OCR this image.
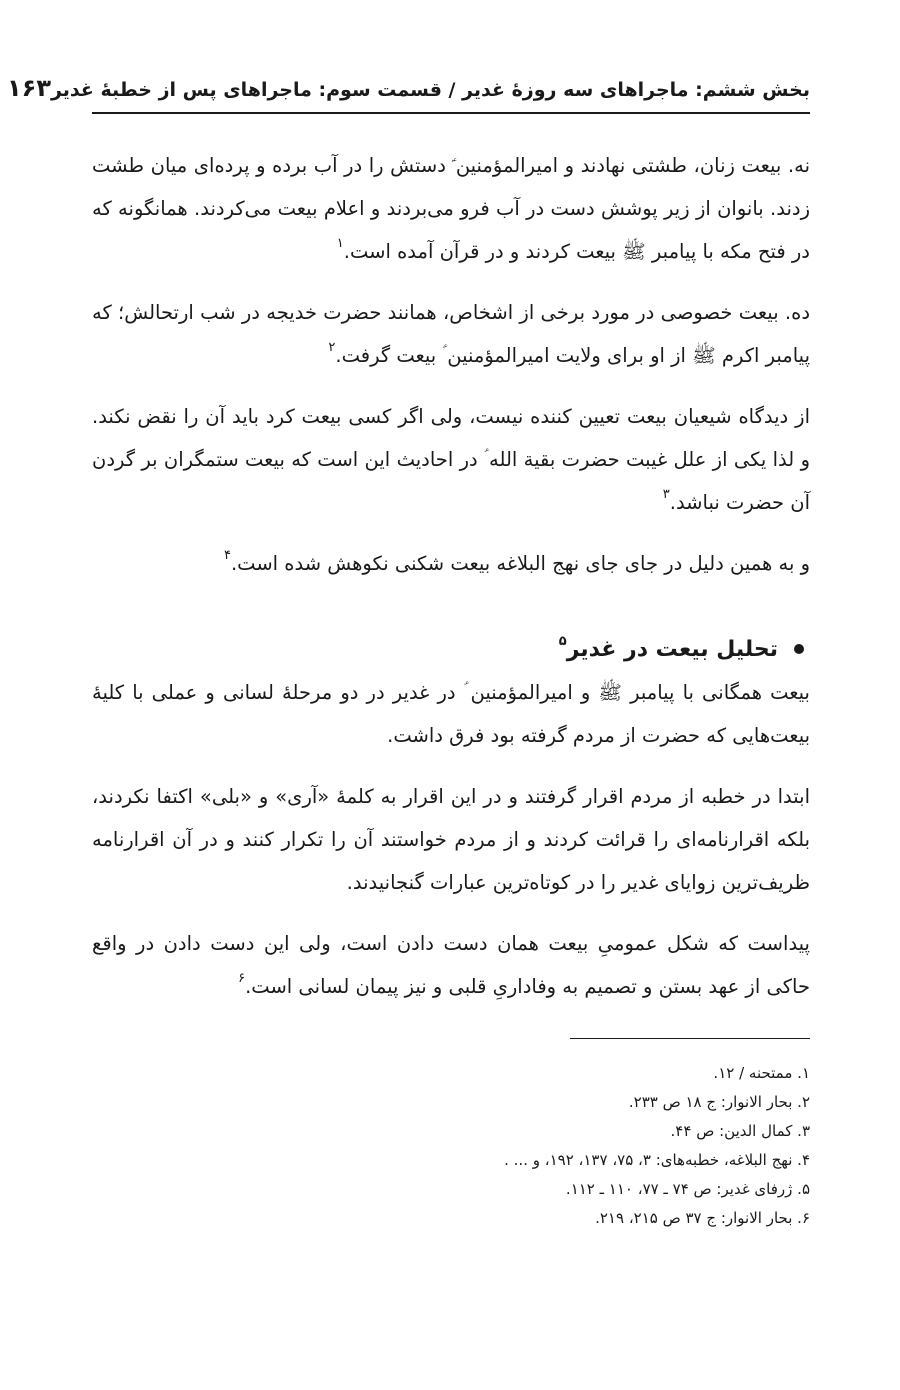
بخش ششم: ماجراهای سه روزهٔ غدیر / قسمت سوم: ماجراهای پس از خطبهٔ غدیر
۱۶۳

نه. بیعت زنان، طشتی نهادند و امیرالمؤمنین ؑ دستش را در آب برده و پرده‌ای میان طشت زدند. بانوان از زیر پوشش دست در آب فرو می‌بردند و اعلام بیعت می‌کردند. همانگونه که در فتح مکه با پیامبر ﷺ بیعت کردند و در قرآن آمده است.$^۱$

ده. بیعت خصوصی در مورد برخی از اشخاص، همانند حضرت خدیجه در شب ارتحالش؛ که پیامبر اکرم ﷺ از او برای ولایت امیرالمؤمنین ؑ بیعت گرفت.$^۲$

از دیدگاه شیعیان بیعت تعیین کننده نیست، ولی اگر کسی بیعت کرد باید آن را نقض نکند. و لذا یکی از علل غیبت حضرت بقیة الله ؑ در احادیث این است که بیعت ستمگران بر گردن آن حضرت نباشد.$^۳$

و به همین دلیل در جای جای نهج البلاغه بیعت شکنی نکوهش شده است.$^۴$

تحلیل بیعت در غدیر$^۵$

بیعت همگانی با پیامبر ﷺ و امیرالمؤمنین ؑ در غدیر در دو مرحلهٔ لسانی و عملی با کلیهٔ بیعت‌هایی که حضرت از مردم گرفته بود فرق داشت.

ابتدا در خطبه از مردم اقرار گرفتند و در این اقرار به کلمهٔ «آری» و «بلی» اکتفا نکردند، بلکه اقرارنامه‌ای را قرائت کردند و از مردم خواستند آن را تکرار کنند و در آن اقرارنامه ظریف‌ترین زوایای غدیر را در کوتاه‌ترین عبارات گنجانیدند.

پیداست که شکل عمومیِ بیعت همان دست دادن است، ولی این دست دادن در واقع حاکی از عهد بستن و تصمیم به وفاداریِ قلبی و نیز پیمان لسانی است.$^۶$

۱. ممتحنه / ۱۲.
۲. بحار الانوار: ج ۱۸ ص ۲۳۳.
۳. کمال الدین: ص ۴۴.
۴. نهج البلاغه، خطبه‌های: ۳، ۷۵، ۱۳۷، ۱۹۲، و ... .
۵. ژرفای غدیر: ص ۷۴ ـ ۷۷، ۱۱۰ ـ ۱۱۲.
۶. بحار الانوار: ج ۳۷ ص ۲۱۵، ۲۱۹.
